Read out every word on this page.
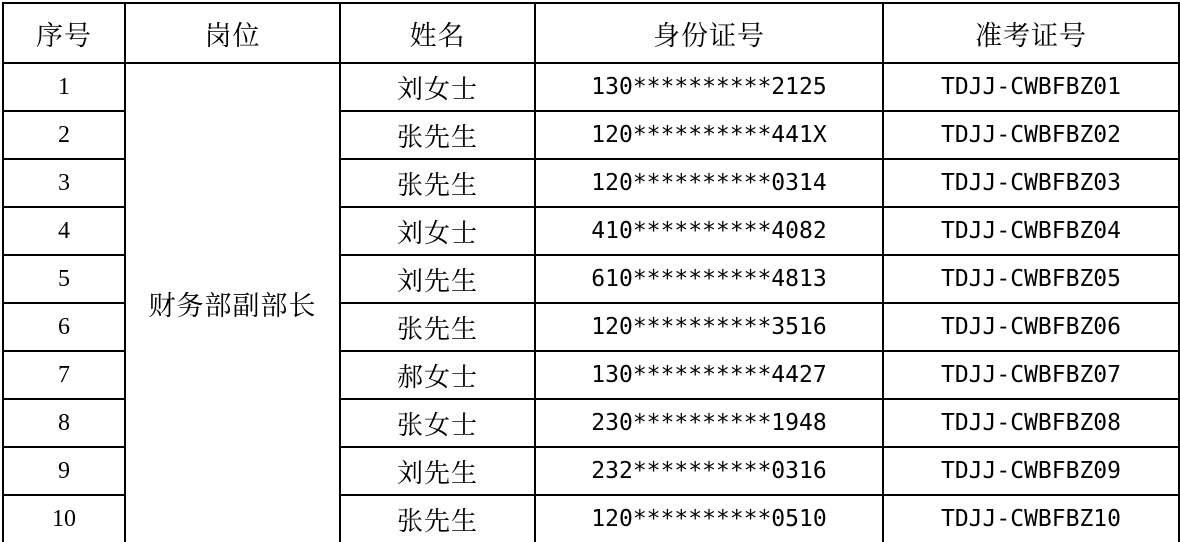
序号	岗位	姓名	身份证号	准考证号
1	财务部副部长	刘女士	130**********2125	TDJJ-CWBFBZ01
2		张先生	120**********441X	TDJJ-CWBFBZ02
3		张先生	120**********0314	TDJJ-CWBFBZ03
4		刘女士	410**********4082	TDJJ-CWBFBZ04
5		刘先生	610**********4813	TDJJ-CWBFBZ05
6		张先生	120**********3516	TDJJ-CWBFBZ06
7		郝女士	130**********4427	TDJJ-CWBFBZ07
8		张女士	230**********1948	TDJJ-CWBFBZ08
9		刘先生	232**********0316	TDJJ-CWBFBZ09
10		张先生	120**********0510	TDJJ-CWBFBZ10
